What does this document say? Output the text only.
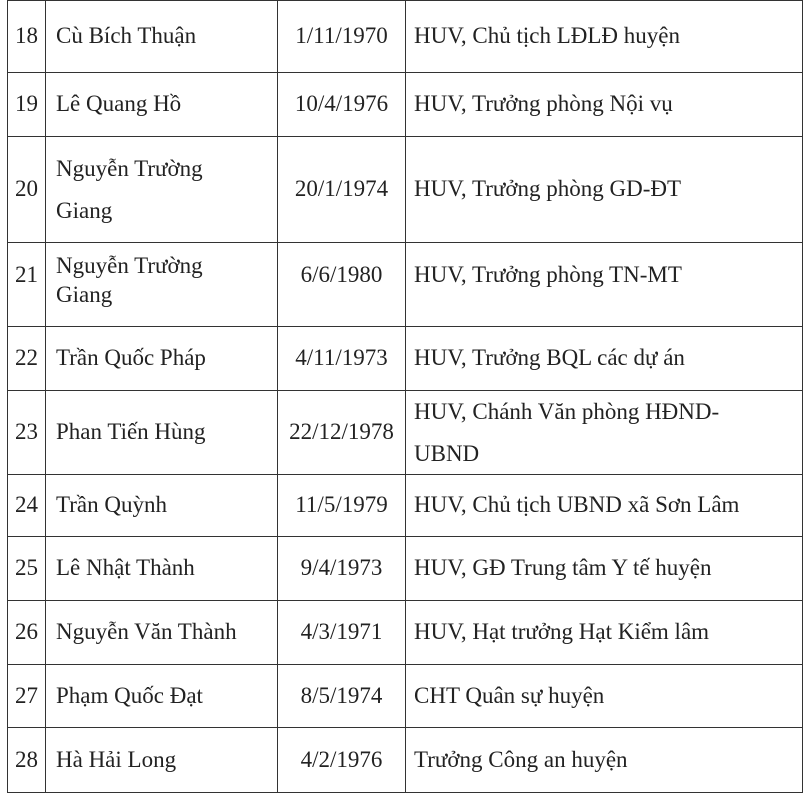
18	Cù Bích Thuận	1/11/1970	HUV, Chủ tịch LĐLĐ huyện
19	Lê Quang Hồ	10/4/1976	HUV, Trưởng phòng Nội vụ
20	Nguyễn Trường Giang	20/1/1974	HUV, Trưởng phòng GD-ĐT
21	Nguyễn Trường Giang	6/6/1980	HUV, Trưởng phòng TN-MT
22	Trần Quốc Pháp	4/11/1973	HUV, Trưởng BQL các dự án
23	Phan Tiến Hùng	22/12/1978	HUV, Chánh Văn phòng HĐND-UBND

24	Trần Quỳnh	11/5/1979	HUV, Chủ tịch UBND xã Sơn Lâm
25	Lê Nhật Thành	9/4/1973	HUV, GĐ Trung tâm Y tế huyện
26	Nguyễn Văn Thành	4/3/1971	HUV, Hạt trưởng Hạt Kiểm lâm
27	Phạm Quốc Đạt	8/5/1974	CHT Quân sự huyện
28	Hà Hải Long	4/2/1976	Trưởng Công an huyện
